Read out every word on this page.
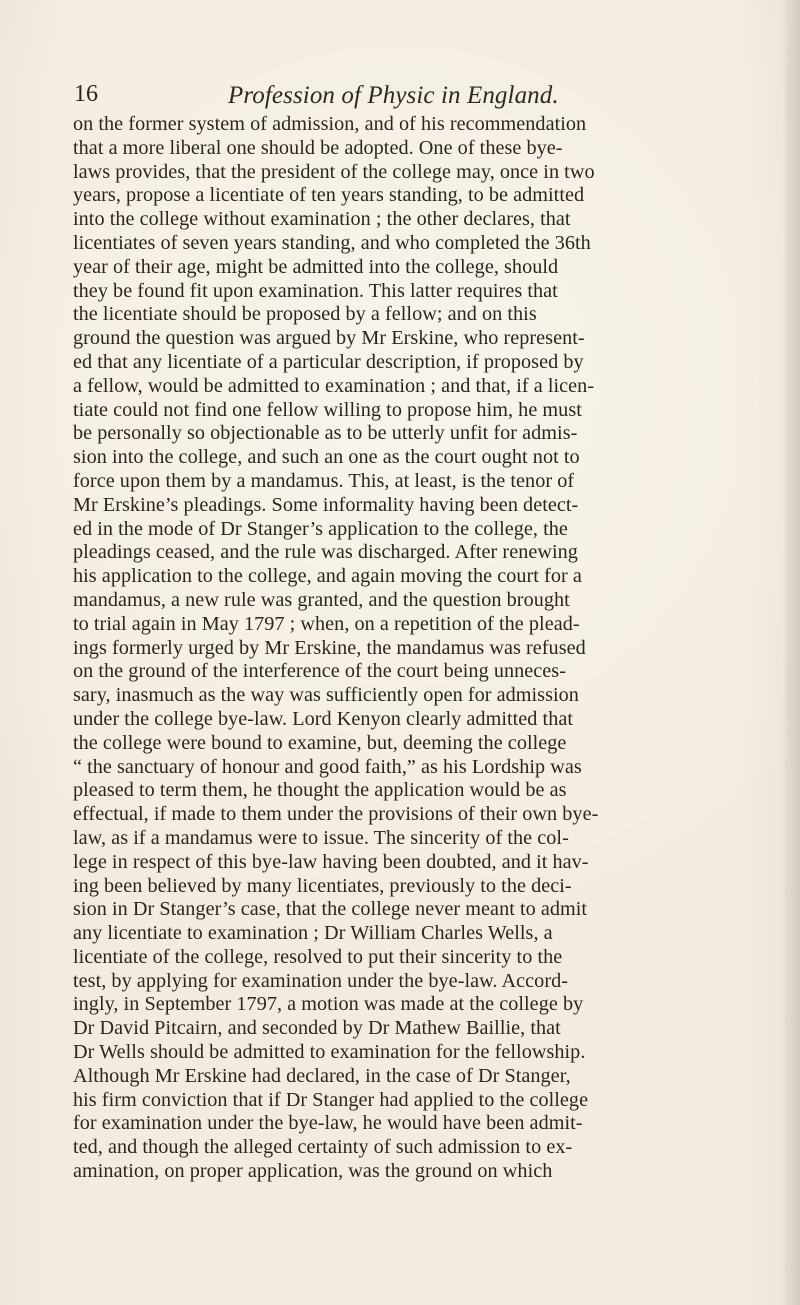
16	Profession of Physic in England.
on the former system of admission, and of his recommendation
that a more liberal one should be adopted. One of these bye-
laws provides, that the president of the college may, once in two
years, propose a licentiate of ten years standing, to be admitted
into the college without examination ; the other declares, that
licentiates of seven years standing, and who completed the 36th
year of their age, might be admitted into the college, should
they be found fit upon examination. This latter requires that
the licentiate should be proposed by a fellow; and on this
ground the question was argued by Mr Erskine, who represent-
ed that any licentiate of a particular description, if proposed by
a fellow, would be admitted to examination ; and that, if a licen-
tiate could not find one fellow willing to propose him, he must
be personally so objectionable as to be utterly unfit for admis-
sion into the college, and such an one as the court ought not to
force upon them by a mandamus. This, at least, is the tenor of
Mr Erskine’s pleadings. Some informality having been detect-
ed in the mode of Dr Stanger’s application to the college, the
pleadings ceased, and the rule was discharged. After renewing
his application to the college, and again moving the court for a
mandamus, a new rule was granted, and the question brought
to trial again in May 1797 ; when, on a repetition of the plead-
ings formerly urged by Mr Erskine, the mandamus was refused
on the ground of the interference of the court being unneces-
sary, inasmuch as the way was sufficiently open for admission
under the college bye-law. Lord Kenyon clearly admitted that
the college were bound to examine, but, deeming the college
“ the sanctuary of honour and good faith,” as his Lordship was
pleased to term them, he thought the application would be as
effectual, if made to them under the provisions of their own bye-
law, as if a mandamus were to issue. The sincerity of the col-
lege in respect of this bye-law having been doubted, and it hav-
ing been believed by many licentiates, previously to the deci-
sion in Dr Stanger’s case, that the college never meant to admit
any licentiate to examination ; Dr William Charles Wells, a
licentiate of the college, resolved to put their sincerity to the
test, by applying for examination under the bye-law. Accord-
ingly, in September 1797, a motion was made at the college by
Dr David Pitcairn, and seconded by Dr Mathew Baillie, that
Dr Wells should be admitted to examination for the fellowship.
Although Mr Erskine had declared, in the case of Dr Stanger,
his firm conviction that if Dr Stanger had applied to the college
for examination under the bye-law, he would have been admit-
ted, and though the alleged certainty of such admission to ex-
amination, on proper application, was the ground on which
